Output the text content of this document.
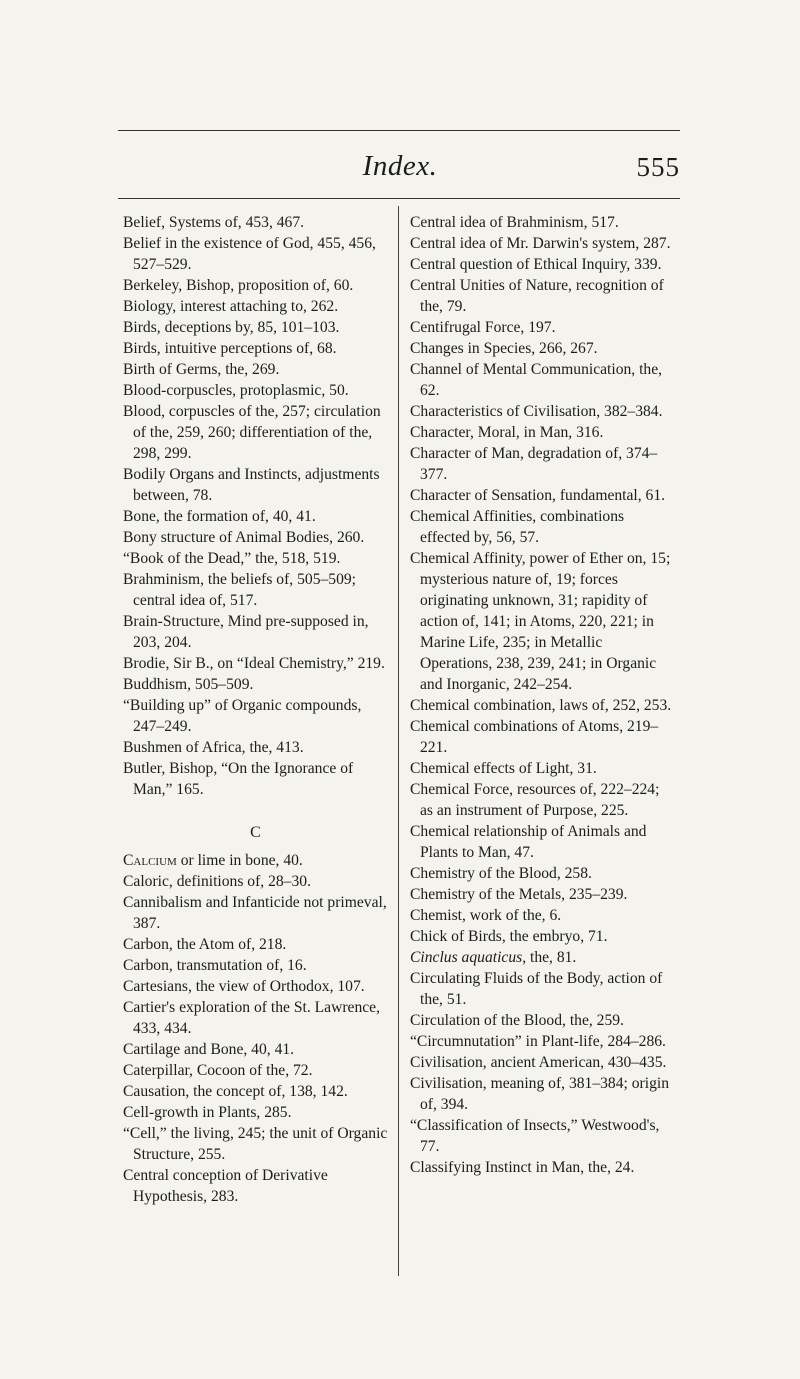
Index.	555

Belief, Systems of, 453, 467.

Belief in the existence of God, 455, 456, 527–529.

Berkeley, Bishop, proposition of, 60.

Biology, interest attaching to, 262.

Birds, deceptions by, 85, 101–103.

Birds, intuitive perceptions of, 68.

Birth of Germs, the, 269.

Blood-corpuscles, protoplasmic, 50.

Blood, corpuscles of the, 257; circulation of the, 259, 260; differentiation of the, 298, 299.

Bodily Organs and Instincts, adjustments between, 78.

Bone, the formation of, 40, 41.

Bony structure of Animal Bodies, 260.

“Book of the Dead,” the, 518, 519.

Brahminism, the beliefs of, 505–509; central idea of, 517.

Brain-Structure, Mind pre-supposed in, 203, 204.

Brodie, Sir B., on “Ideal Chemistry,” 219.

Buddhism, 505–509.

“Building up” of Organic compounds, 247–249.

Bushmen of Africa, the, 413.

Butler, Bishop, “On the Ignorance of Man,” 165.

C

Calcium or lime in bone, 40.

Caloric, definitions of, 28–30.

Cannibalism and Infanticide not primeval, 387.

Carbon, the Atom of, 218.

Carbon, transmutation of, 16.

Cartesians, the view of Orthodox, 107.

Cartier's exploration of the St. Lawrence, 433, 434.

Cartilage and Bone, 40, 41.

Caterpillar, Cocoon of the, 72.

Causation, the concept of, 138, 142.

Cell-growth in Plants, 285.

“Cell,” the living, 245; the unit of Organic Structure, 255.

Central conception of Derivative Hypothesis, 283.

Central idea of Brahminism, 517.

Central idea of Mr. Darwin's system, 287.

Central question of Ethical Inquiry, 339.

Central Unities of Nature, recognition of the, 79.

Centifrugal Force, 197.

Changes in Species, 266, 267.

Channel of Mental Communication, the, 62.

Characteristics of Civilisation, 382–384.

Character, Moral, in Man, 316.

Character of Man, degradation of, 374–377.

Character of Sensation, fundamental, 61.

Chemical Affinities, combinations effected by, 56, 57.

Chemical Affinity, power of Ether on, 15; mysterious nature of, 19; forces originating unknown, 31; rapidity of action of, 141; in Atoms, 220, 221; in Marine Life, 235; in Metallic Operations, 238, 239, 241; in Organic and Inorganic, 242–254.

Chemical combination, laws of, 252, 253.

Chemical combinations of Atoms, 219–221.

Chemical effects of Light, 31.

Chemical Force, resources of, 222–224; as an instrument of Purpose, 225.

Chemical relationship of Animals and Plants to Man, 47.

Chemistry of the Blood, 258.

Chemistry of the Metals, 235–239.

Chemist, work of the, 6.

Chick of Birds, the embryo, 71.

Cinclus aquaticus, the, 81.

Circulating Fluids of the Body, action of the, 51.

Circulation of the Blood, the, 259.

“Circumnutation” in Plant-life, 284–286.

Civilisation, ancient American, 430–435.

Civilisation, meaning of, 381–384; origin of, 394.

“Classification of Insects,” Westwood's, 77.

Classifying Instinct in Man, the, 24.
